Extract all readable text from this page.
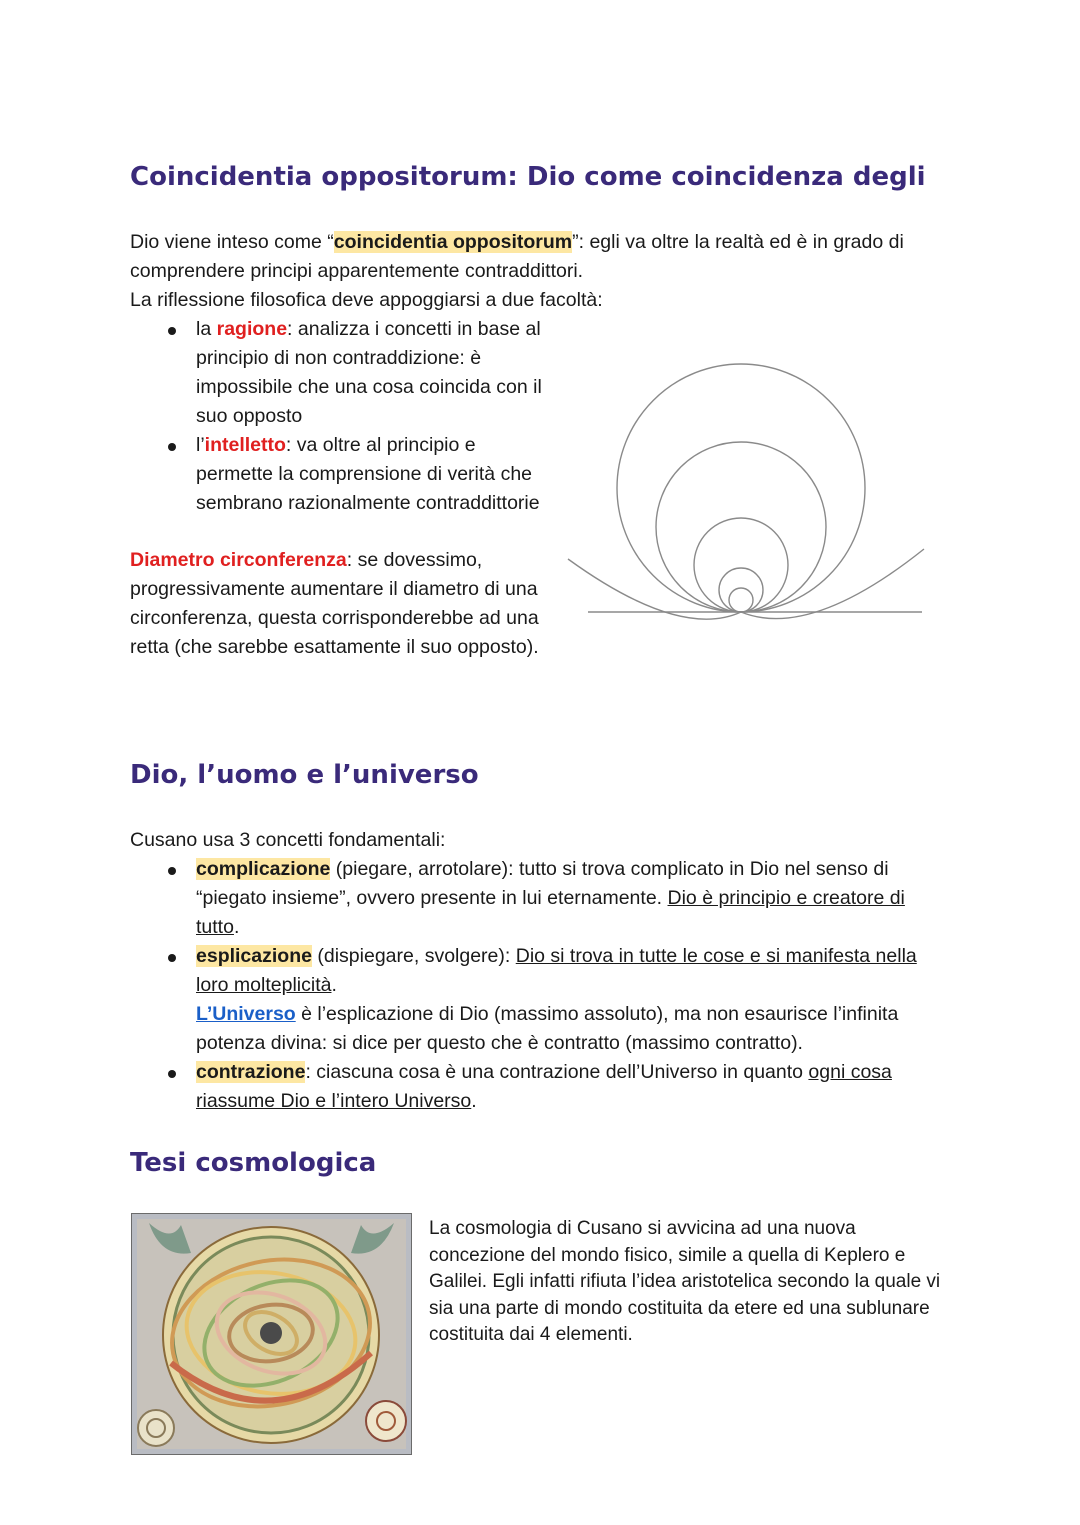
Coincidentia oppositorum: Dio come coincidenza degli

Dio viene inteso come “coincidentia oppositorum”: egli va oltre la realtà ed è in grado di comprendere principi apparentemente contraddittori.

La riflessione filosofica deve appoggiarsi a due facoltà:

la ragione: analizza i concetti in base al principio di non contraddizione: è impossibile che una cosa coincida con il suo opposto
l’intelletto: va oltre al principio e permette la comprensione di verità che sembrano razionalmente contraddittorie

Diametro circonferenza: se dovessimo, progressivamente aumentare il diametro di una circonferenza, questa corrisponderebbe ad una retta (che sarebbe esattamente il suo opposto).

Dio, l’uomo e l’universo

Cusano usa 3 concetti fondamentali:

complicazione (piegare, arrotolare): tutto si trova complicato in Dio nel senso di “piegato insieme”, ovvero presente in lui eternamente. Dio è principio e creatore di tutto.
esplicazione (dispiegare, svolgere): Dio si trova in tutte le cose e si manifesta nella loro molteplicità.
L’Universo è l’esplicazione di Dio (massimo assoluto), ma non esaurisce l’infinita potenza divina: si dice per questo che è contratto (massimo contratto).
contrazione: ciascuna cosa è una contrazione dell’Universo in quanto ogni cosa riassume Dio e l’intero Universo.
Tesi cosmologica

La cosmologia di Cusano si avvicina ad una nuova concezione del mondo fisico, simile a quella di Keplero e Galilei. Egli infatti rifiuta l’idea aristotelica secondo la quale vi sia una parte di mondo costituita da etere ed una sublunare costituita dai 4 elementi.
